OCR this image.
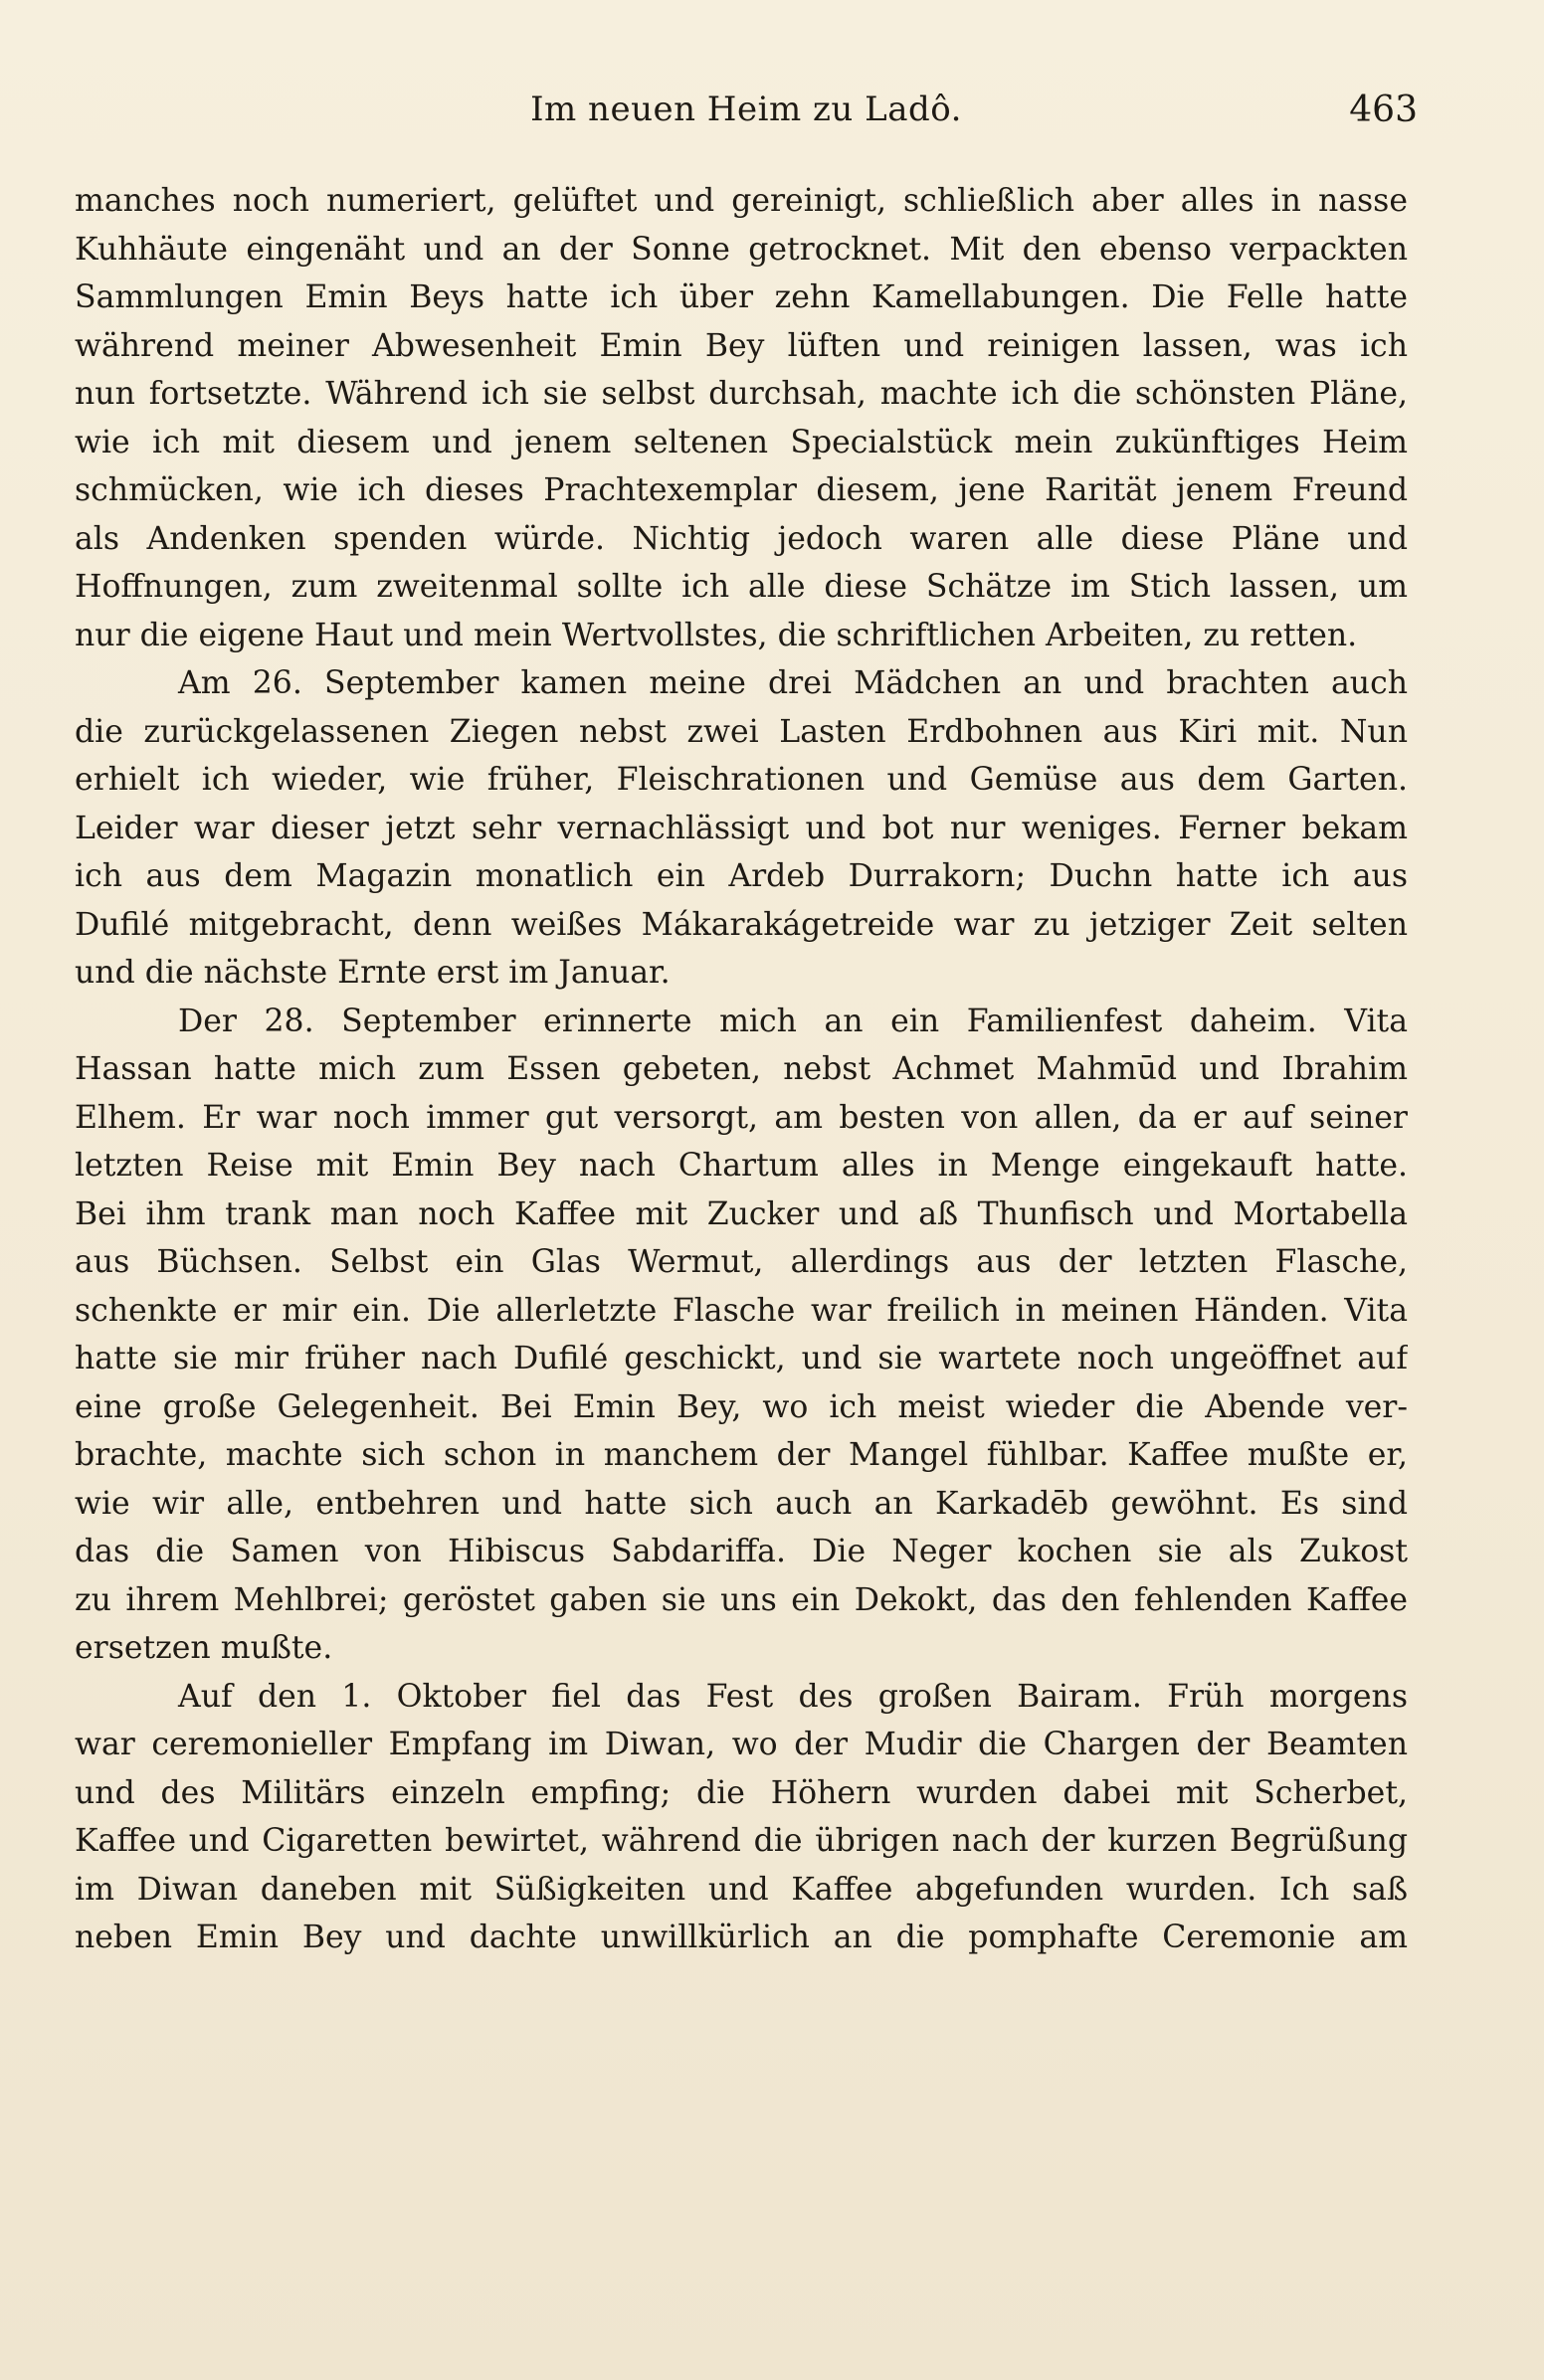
Im neuen Heim zu Ladô.	463
manches noch numeriert, gelüftet und gereinigt, schließlich aber alles in nasse
Kuhhäute eingenäht und an der Sonne getrocknet. Mit den ebenso verpackten
Sammlungen Emin Beys hatte ich über zehn Kamellabungen. Die Felle hatte
während meiner Abwesenheit Emin Bey lüften und reinigen lassen, was ich
nun fortsetzte. Während ich sie selbst durchsah, machte ich die schönsten Pläne,
wie ich mit diesem und jenem seltenen Specialstück mein zukünftiges Heim
schmücken, wie ich dieses Prachtexemplar diesem, jene Rarität jenem Freund
als Andenken spenden würde. Nichtig jedoch waren alle diese Pläne und
Hoffnungen, zum zweitenmal sollte ich alle diese Schätze im Stich lassen, um
nur die eigene Haut und mein Wertvollstes, die schriftlichen Arbeiten, zu retten.
Am 26. September kamen meine drei Mädchen an und brachten auch
die zurückgelassenen Ziegen nebst zwei Lasten Erdbohnen aus Kiri mit. Nun
erhielt ich wieder, wie früher, Fleischrationen und Gemüse aus dem Garten.
Leider war dieser jetzt sehr vernachlässigt und bot nur weniges. Ferner bekam
ich aus dem Magazin monatlich ein Ardeb Durrakorn; Duchn hatte ich aus
Dufilé mitgebracht, denn weißes Mákarakágetreide war zu jetziger Zeit selten
und die nächste Ernte erst im Januar.
Der 28. September erinnerte mich an ein Familienfest daheim. Vita
Hassan hatte mich zum Essen gebeten, nebst Achmet Mahmūd und Ibrahim
Elhem. Er war noch immer gut versorgt, am besten von allen, da er auf seiner
letzten Reise mit Emin Bey nach Chartum alles in Menge eingekauft hatte.
Bei ihm trank man noch Kaffee mit Zucker und aß Thunfisch und Mortabella
aus Büchsen. Selbst ein Glas Wermut, allerdings aus der letzten Flasche,
schenkte er mir ein. Die allerletzte Flasche war freilich in meinen Händen. Vita
hatte sie mir früher nach Dufilé geschickt, und sie wartete noch ungeöffnet auf
eine große Gelegenheit. Bei Emin Bey, wo ich meist wieder die Abende ver-
brachte, machte sich schon in manchem der Mangel fühlbar. Kaffee mußte er,
wie wir alle, entbehren und hatte sich auch an Karkadēb gewöhnt. Es sind
das die Samen von Hibiscus Sabdariffa. Die Neger kochen sie als Zukost
zu ihrem Mehlbrei; geröstet gaben sie uns ein Dekokt, das den fehlenden Kaffee
ersetzen mußte.
Auf den 1. Oktober fiel das Fest des großen Bairam. Früh morgens
war ceremonieller Empfang im Diwan, wo der Mudir die Chargen der Beamten
und des Militärs einzeln empfing; die Höhern wurden dabei mit Scherbet,
Kaffee und Cigaretten bewirtet, während die übrigen nach der kurzen Begrüßung
im Diwan daneben mit Süßigkeiten und Kaffee abgefunden wurden. Ich saß
neben Emin Bey und dachte unwillkürlich an die pomphafte Ceremonie am
